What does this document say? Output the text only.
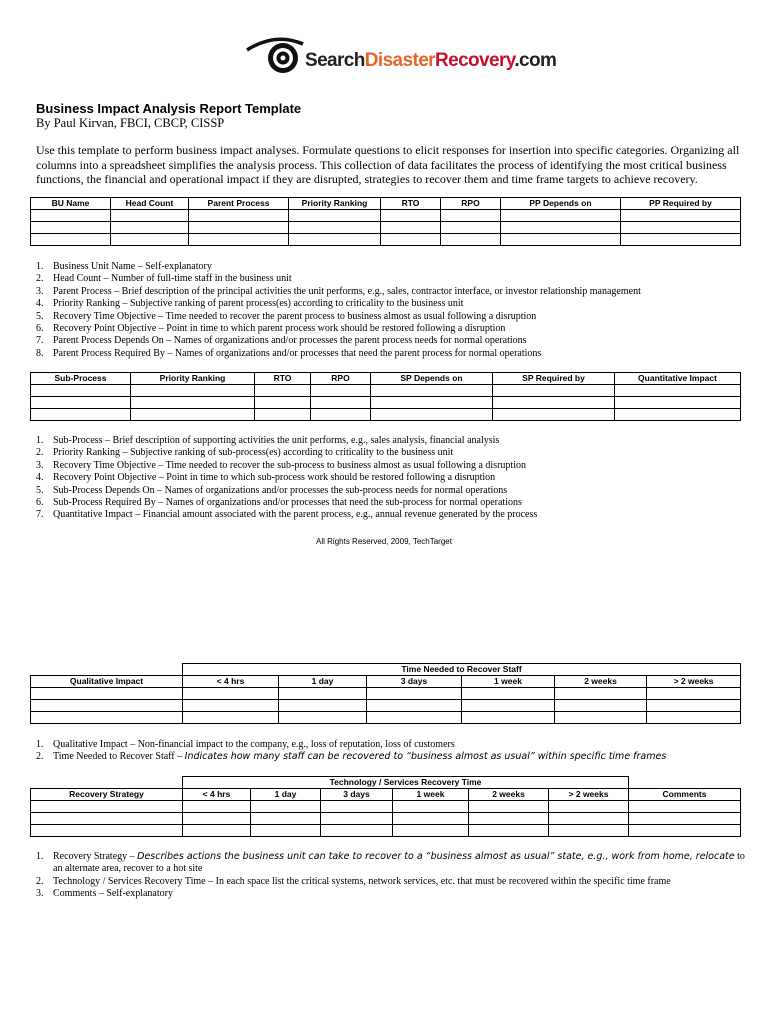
SearchDisasterRecovery.com
Business Impact Analysis Report Template
By Paul Kirvan, FBCI, CBCP, CISSP
Use this template to perform business impact analyses. Formulate questions to elicit responses for insertion into specific categories. Organizing all columns into a spreadsheet simplifies the analysis process. This collection of data facilitates the process of identifying the most critical business functions, the financial and operational impact if they are disrupted, strategies to recover them and time frame targets to achieve recovery.
BU Name	Head Count	Parent Process	Priority Ranking	RTO	RPO	PP Depends on	PP Required by

1. Business Unit Name – Self-explanatory
2. Head Count – Number of full-time staff in the business unit
3. Parent Process – Brief description of the principal activities the unit performs, e.g., sales, contractor interface, or investor relationship management
4. Priority Ranking – Subjective ranking of parent process(es) according to criticality to the business unit
5. Recovery Time Objective – Time needed to recover the parent process to business almost as usual following a disruption
6. Recovery Point Objective – Point in time to which parent process work should be restored following a disruption
7. Parent Process Depends On – Names of organizations and/or processes the parent process needs for normal operations
8. Parent Process Required By – Names of organizations and/or processes that need the parent process for normal operations
Sub-Process	Priority Ranking	RTO	RPO	SP Depends on	SP Required by	Quantitative Impact

1. Sub-Process – Brief description of supporting activities the unit performs, e.g., sales analysis, financial analysis
2. Priority Ranking – Subjective ranking of sub-process(es) according to criticality to the business unit
3. Recovery Time Objective – Time needed to recover the sub-process to business almost as usual following a disruption
4. Recovery Point Objective – Point in time to which sub-process work should be restored following a disruption
5. Sub-Process Depends On – Names of organizations and/or processes the sub-process needs for normal operations
6. Sub-Process Required By – Names of organizations and/or processes that need the sub-process for normal operations
7. Quantitative Impact – Financial amount associated with the parent process, e.g., annual revenue generated by the process
All Rights Reserved, 2009, TechTarget
	Time Needed to Recover Staff					
Qualitative Impact	< 4 hrs	1 day	3 days	1 week	2 weeks	> 2 weeks

1. Qualitative Impact – Non-financial impact to the company, e.g., loss of reputation, loss of customers
2. Time Needed to Recover Staff – Indicates how many staff can be recovered to “business almost as usual” within specific time frames
	Technology / Services Recovery Time						
Recovery Strategy	< 4 hrs	1 day	3 days	1 week	2 weeks	> 2 weeks	Comments

1. Recovery Strategy – Describes actions the business unit can take to recover to a “business almost as usual” state, e.g., work from home, relocate to an alternate area, recover to a hot site
2. Technology / Services Recovery Time – In each space list the critical systems, network services, etc. that must be recovered within the specific time frame
3. Comments – Self-explanatory
